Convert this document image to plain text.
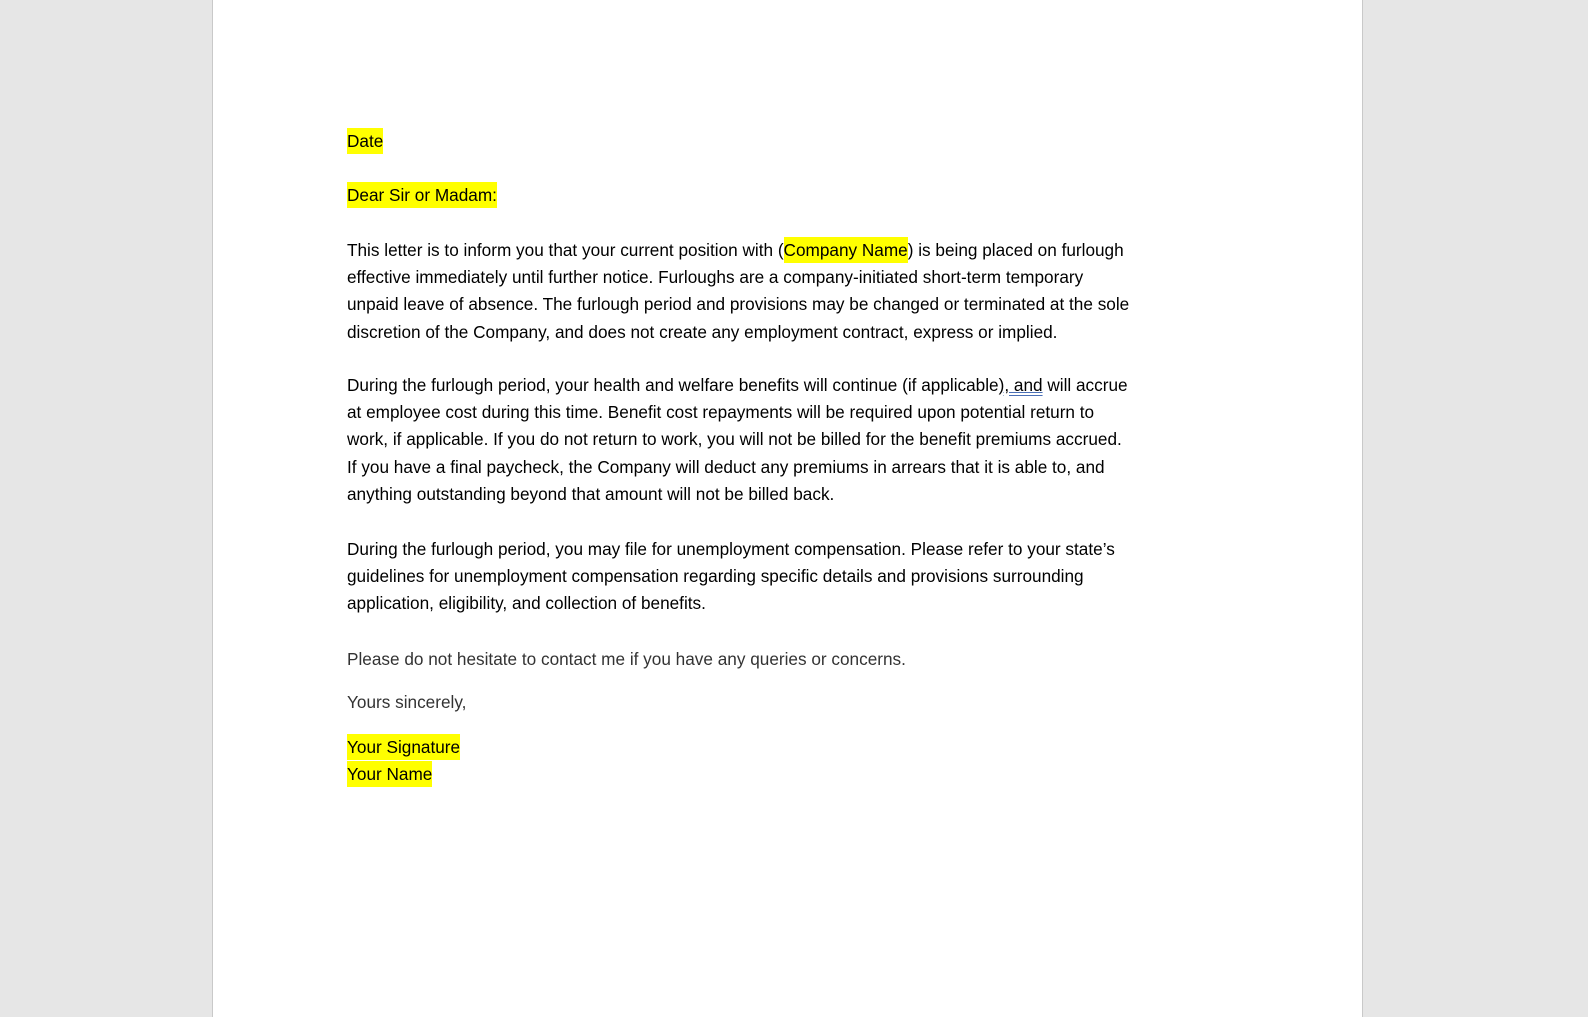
Date
Dear Sir or Madam:
This letter is to inform you that your current position with (Company Name) is being placed on furlough
effective immediately until further notice. Furloughs are a company-initiated short-term temporary
unpaid leave of absence. The furlough period and provisions may be changed or terminated at the sole
discretion of the Company, and does not create any employment contract, express or implied.
During the furlough period, your health and welfare benefits will continue (if applicable), and will accrue
at employee cost during this time. Benefit cost repayments will be required upon potential return to
work, if applicable. If you do not return to work, you will not be billed for the benefit premiums accrued.
If you have a final paycheck, the Company will deduct any premiums in arrears that it is able to, and
anything outstanding beyond that amount will not be billed back.
During the furlough period, you may file for unemployment compensation. Please refer to your state’s
guidelines for unemployment compensation regarding specific details and provisions surrounding
application, eligibility, and collection of benefits.
Please do not hesitate to contact me if you have any queries or concerns.
Yours sincerely,
Your Signature
Your Name
